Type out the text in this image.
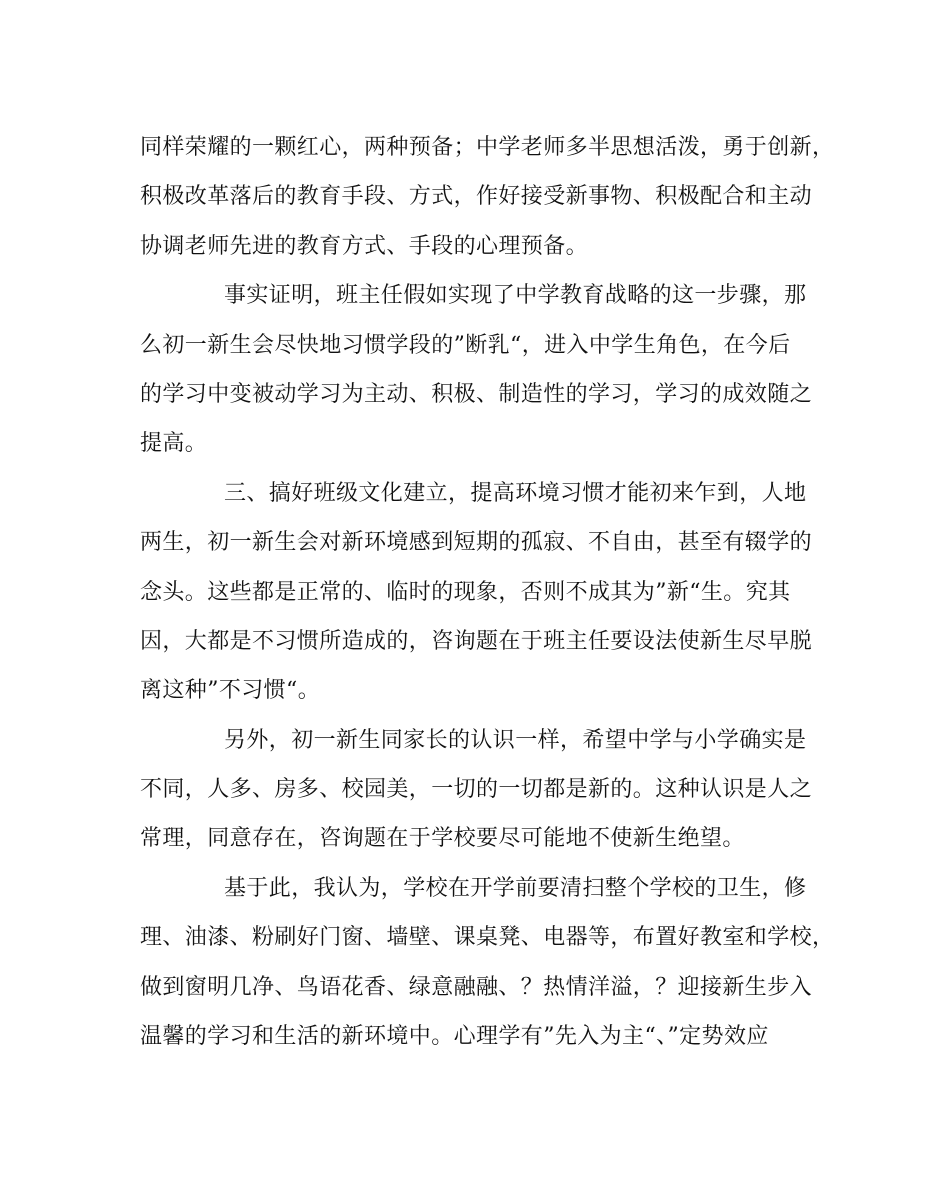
同样荣耀的一颗红心，两种预备；中学老师多半思想活泼，勇于创新，
积极改革落后的教育手段、方式，作好接受新事物、积极配合和主动
协调老师先进的教育方式、手段的心理预备。
事实证明，班主任假如实现了中学教育战略的这一步骤，那
么初一新生会尽快地习惯学段的”断乳“，进入中学生角色，在今后
的学习中变被动学习为主动、积极、制造性的学习，学习的成效随之
提高。
三、搞好班级文化建立，提高环境习惯才能初来乍到，人地
两生，初一新生会对新环境感到短期的孤寂、不自由，甚至有辍学的
念头。这些都是正常的、临时的现象，否则不成其为”新“生。究其
因，大都是不习惯所造成的，咨询题在于班主任要设法使新生尽早脱
离这种”不习惯“。
另外，初一新生同家长的认识一样，希望中学与小学确实是
不同，人多、房多、校园美，一切的一切都是新的。这种认识是人之
常理，同意存在，咨询题在于学校要尽可能地不使新生绝望。
基于此，我认为，学校在开学前要清扫整个学校的卫生，修
理、油漆、粉刷好门窗、墙壁、课桌凳、电器等，布置好教室和学校，
做到窗明几净、鸟语花香、绿意融融、？热情洋溢，？迎接新生步入
温馨的学习和生活的新环境中。心理学有”先入为主“、”定势效应
